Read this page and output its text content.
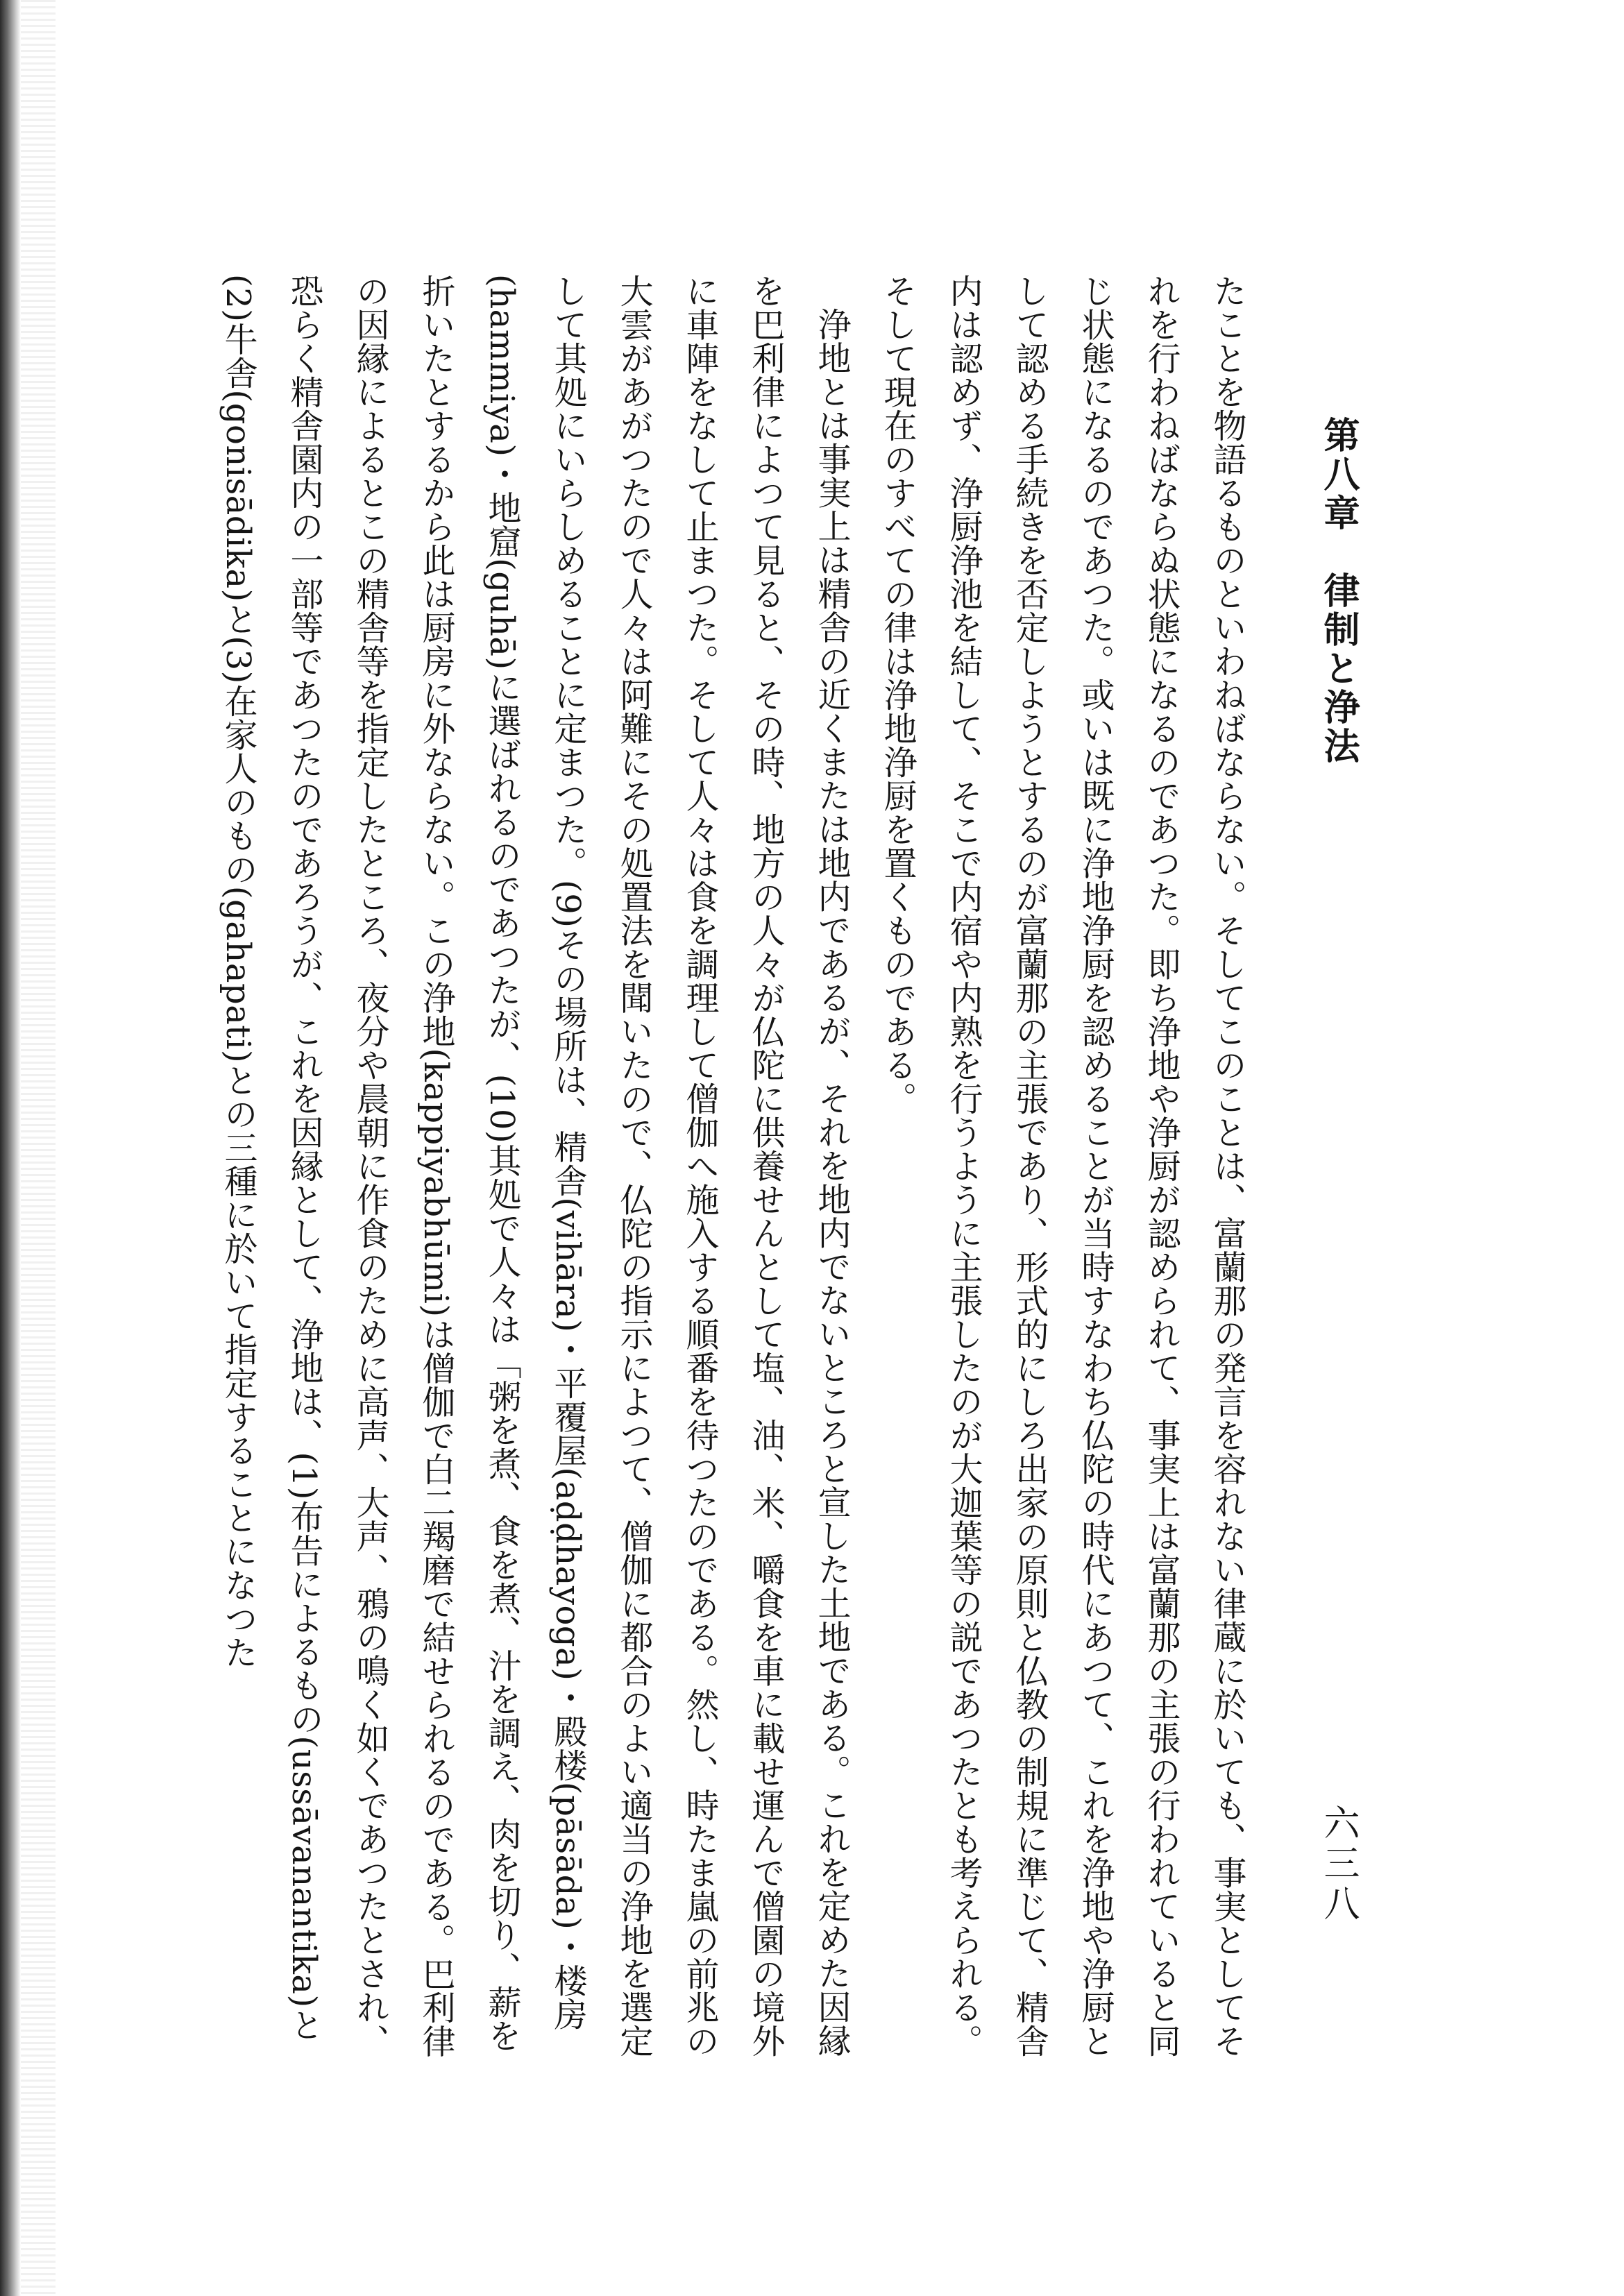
第八章　律制と浄法
六三八

たことを物語るものといわねばならない。そしてこのことは、富蘭那の発言を容れない律蔵に於いても、事実としてそれを行わねばならぬ状態になるのであつた。即ち浄地や浄厨が認められて、事実上は富蘭那の主張の行われていると同じ状態になるのであつた。或いは既に浄地浄厨を認めることが当時すなわち仏陀の時代にあつて、これを浄地や浄厨として認める手続きを否定しようとするのが富蘭那の主張であり、形式的にしろ出家の原則と仏教の制規に準じて、精舎内は認めず、浄厨浄池を結して、そこで内宿や内熟を行うように主張したのが大迦葉等の説であつたとも考えられる。そして現在のすべての律は浄地浄厨を置くものである。

浄地とは事実上は精舎の近くまたは地内であるが、それを地内でないところと宣した土地である。これを定めた因縁を巴利律によつて見ると、その時、地方の人々が仏陀に供養せんとして塩、油、米、嚼食を車に載せ運んで僧園の境外に車陣をなして止まつた。そして人々は食を調理して僧伽へ施入する順番を待つたのである。然し、時たま嵐の前兆の大雲があがつたので人々は阿難にその処置法を聞いたので、仏陀の指示によつて、僧伽に都合のよい適当の浄地を選定して其処にいらしめることに定まつた。(9)その場所は、精舎(vihāra)・平覆屋(aḍḍhayoga)・殿楼(pāsāda)・楼房(hammiya)・地窟(guhā)に選ばれるのであつたが、(10)其処で人々は「粥を煮、食を煮、汁を調え、肉を切り、薪を折いたとするから此は厨房に外ならない。この浄地(kappiyabhūmi)は僧伽で白二羯磨で結せられるのである。巴利律の因縁によるとこの精舎等を指定したところ、夜分や晨朝に作食のために高声、大声、鴉の鳴く如くであつたとされ、恐らく精舎園内の一部等であつたのであろうが、これを因縁として、浄地は、(1)布告によるもの(ussāvanantika)と(2)牛舎(gonisādika)と(3)在家人のもの(gahapati)との三種に於いて指定することになつた
